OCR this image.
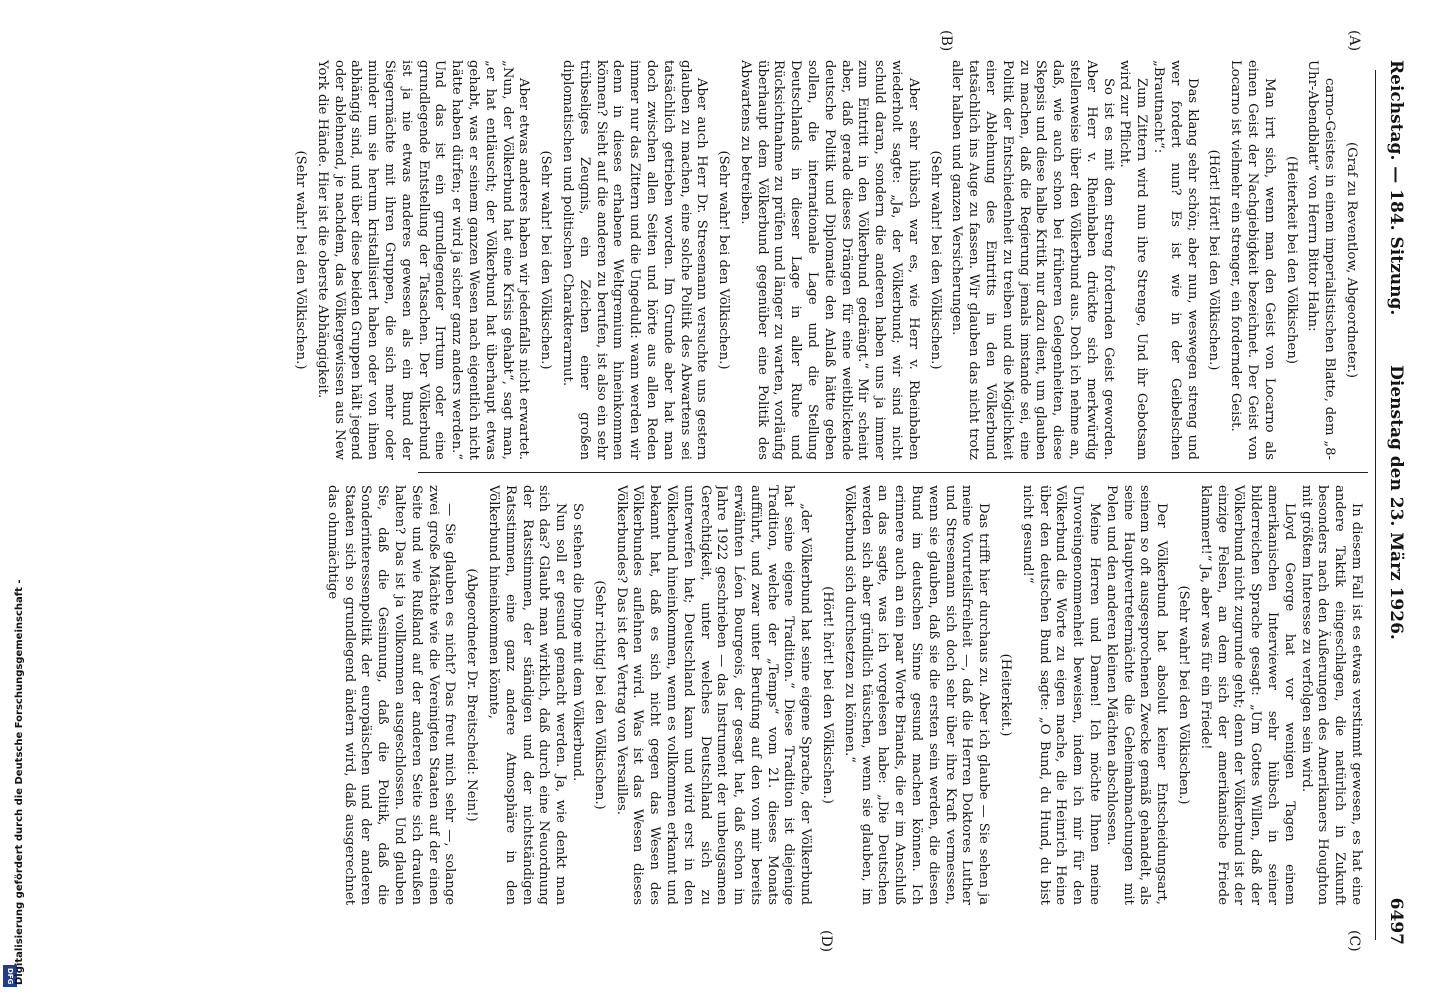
DFG Digitalisierung gefördert durch die Deutsche Forschungsgemeinschaft -
Reichstag. — 184. Sitzung.
Dienstag den 23. März 1926.
6497
(A)
(B)
(C)
(D)

(Graf zu Reventlow, Abgeordneter.)

carno-Geistes in einem imperialistischen Blatte, dem „8-Uhr-Abendblatt“ von Herrn Bittor Hahn:

(Heiterkeit bei den Völkischen)

Man irrt sich, wenn man den Geist von Locarno als einen Geist der Nachgiebigkeit bezeichnet. Der Geist von Locarno ist vielmehr ein strenger, ein fordernder Geist.

(Hört! Hört! bei den Völkischen.)

Das klang sehr schön; aber nun, weswegen streng und wer fordert nun? Es ist wie in der Geibelschen „Brautnacht“:

Zum Zittern wird nun ihre Strenge, Und ihr Gebotsam wird zur Pflicht.

So ist es mit dem streng fordernden Geist geworden. Aber Herr v. Rheinbaben drückte sich merkwürdig stellenweise über den Völkerbund aus. Doch ich nehme an, daß, wie auch schon bei früheren Gelegenheiten, diese Skepsis und diese halbe Kritik nur dazu dient, um glauben zu machen, daß die Regierung jemals imstande sei, eine Politik der Entschiedenheit zu treiben und die Möglichkeit einer Ablehnung des Eintritts in den Völkerbund tatsächlich ins Auge zu fassen. Wir glauben das nicht trotz aller halben und ganzen Versicherungen.

(Sehr wahr! bei den Völkischen.)

Aber sehr hübsch war es, wie Herr v. Rheinbaben wiederholt sagte: „Ja, der Völkerbund; wir sind nicht schuld daran, sondern die anderen haben uns ja immer zum Eintritt in den Völkerbund gedrängt.“ Mir scheint aber, daß gerade dieses Drängen für eine weitblickende deutsche Politik und Diplomatie den Anlaß hätte geben sollen, die internationale Lage und die Stellung Deutschlands in dieser Lage in aller Ruhe und Rücksichtnahme zu prüfen und länger zu warten, vorläufig überhaupt dem Völkerbund gegenüber eine Politik des Abwartens zu betreiben.

(Sehr wahr! bei den Völkischen.)

Aber auch Herr Dr. Stresemann versuchte uns gestern glauben zu machen, eine solche Politik des Abwartens sei tatsächlich getrieben worden. Im Grunde aber hat man doch zwischen allen Seiten und hörte aus allen Reden immer nur das Zittern und die Ungeduld: wann werden wir denn in dieses erhabene Weltgremium hineinkommen können? Sieht auf die anderen zu berufen, ist also ein sehr trübseliges Zeugnis, ein Zeichen einer großen diplomatischen und politischen Charakterarmut.

(Sehr wahr! bei den Völkischen.)

Aber etwas anderes haben wir jedenfalls nicht erwartet. „Nun, der Völkerbund hat eine Krisis gehabt“, sagt man, „er hat entläuscht; der Völkerbund hat überhaupt etwas gehabt, was er seinem ganzen Wesen nach eigentlich nicht hätte haben dürfen; er wird ja sicher ganz anders werden.“ Und das ist ein grundlegender Irrtum oder eine grundlegende Entstellung der Tatsachen. Der Völkerbund ist ja nie etwas anderes gewesen als ein Bund der Siegermächte mit ihren Gruppen, die sich mehr oder minder um sie herum kristallisiert haben oder von ihnen abhängig sind, und über diese beiden Gruppen hält jegend oder ablehnend, je nachdem, das Völkergewissen aus New York die Hände. Hier ist die oberste Abhängigkeit.

(Sehr wahr! bei den Völkischen.)

In diesem Fall ist es etwas verstimmt gewesen, es hat eine andere Taktik eingeschlagen, die natürlich in Zukunft besonders nach den Äußerungen des Amerikaners Houghton mit größtem Interesse zu verfolgen sein wird.

Lloyd George hat vor wenigen Tagen einem amerikanischen Interviewer sehr hübsch in seiner bilderreichen Sprache gesagt: „Um Gottes Willen, daß der Völkerbund nicht zugrunde geht; denn der Völkerbund ist der einzige Felsen, an dem sich der amerikanische Friede klammert!“ Ja, aber was für ein Friede!

(Sehr wahr! bei den Völkischen.)

Der Völkerbund hat absolut keiner Entscheidungsart, seinem so oft ausgesprochenen Zwecke gemäß gehandelt, als seine Hauptvertretermächte die Geheimabmachungen mit Polen und den anderen kleinen Mächten abschlossen.

Meine Herren und Damen! Ich möchte Ihnen meine Unvoreingenommenheit beweisen, indem ich mir für den Völkerbund die Worte zu eigen mache, die Heinrich Heine über den deutschen Bund sagte: „O Bund, du Hund, du bist nicht gesund!“

(Heiterkeit.)

Das trifft hier durchaus zu. Aber ich glaube — Sie sehen ja meine Vorurteilsfreiheit —, daß die Herren Doktores Luther und Stresemann sich doch sehr über ihre Kraft vermessen, wenn sie glauben, daß sie die ersten sein werden, die diesen Bund im deutschen Sinne gesund machen können. Ich erinnere auch an ein paar Worte Briands, die er im Anschluß an das sagte, was ich vorgelesen habe: „Die Deutschen werden sich aber gründlich täuschen, wenn sie glauben, im Völkerbund sich durchsetzen zu können.“

(Hört! hört! bei den Völkischen.)

„der Völkerbund hat seine eigene Sprache, der Völkerbund hat seine eigene Tradition.“ Diese Tradition ist diejenige Tradition, welche der „Temps“ vom 21. dieses Monats aufführt, und zwar unter Berufung auf den von mir bereits erwähnten Léon Bourgeois, der gesagt hat, daß schon im Jahre 1922 geschrieben — das Instrument der unbeugsamen Gerechtigkeit, unter welches Deutschland sich zu unterwerfen hat; Deutschland kann und wird erst in den Völkerbund hineinkommen, wenn es vollkommen erkannt und bekannt hat, daß es sich nicht gegen das Wesen des Völkerbundes auflehnen wird. Was ist das Wesen dieses Völkerbundes? Das ist der Vertrag von Versailles.

(Sehr richtig! bei den Völkischen.)

So stehen die Dinge mit dem Völkerbund.

Nun soll er gesund gemacht werden. Ja, wie denkt man sich das? Glaubt man wirklich, daß durch eine Neuordnung der Ratsstimmen, der ständigen und der nichtständigen Ratsstimmen, eine ganz andere Atmosphäre in den Völkerbund hineinkommen könnte,

(Abgeordneter Dr. Breitscheid: Nein!)

— Sie glauben es nicht? Das freut mich sehr —, solange zwei große Mächte wie die Vereinigten Staaten auf der einen Seite und wie Rußland auf der anderen Seite sich draußen halten? Das ist ja vollkommen ausgeschlossen. Und glauben Sie, daß die Gesinnung, daß die Politik, daß die Sonderinteressenpolitik der europäischen und der anderen Staaten sich so grundlegend ändern wird, daß ausgerechnet das ohnmächtige
